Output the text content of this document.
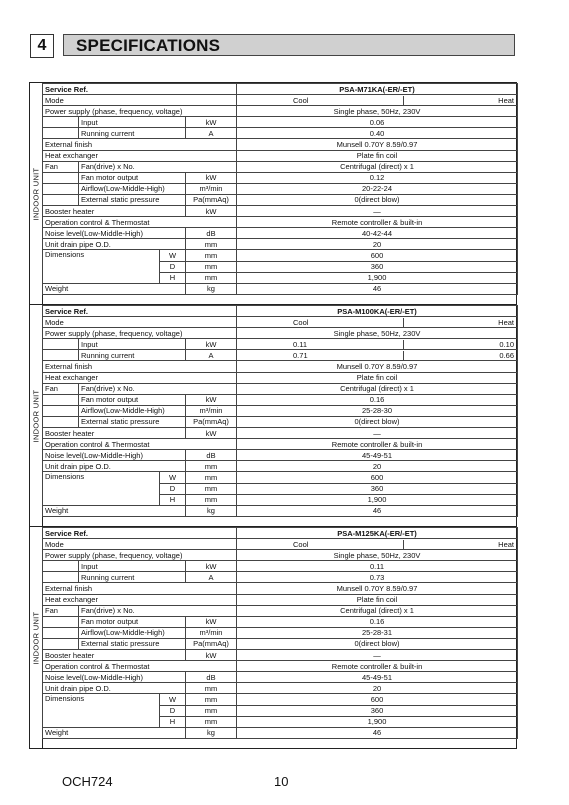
4	SPECIFICATIONS
INDOOR UNIT
Service Ref.				PSA-M71KA(-ER/-ET)
Mode				Cool Heat

Power supply (phase, frequency, voltage)				Single phase, 50Hz, 230V
	Input		kW	0.06
	Running current		A	0.40
External finish				Munsell 0.70Y 8.59/0.97
Heat exchanger				Plate fin coil
Fan	Fan(drive) x No.			Centrifugal (direct) x 1
	Fan motor output		kW	0.12
	Airflow(Low-Middle-High)		m³/min	20-22-24
	External static pressure		Pa(mmAq)	0(direct blow)
Booster heater			kW	—
Operation control & Thermostat				Remote controller & built-in
Noise level(Low-Middle-High)			dB	40-42-44
Unit drain pipe O.D.			mm	20
Dimensions		W	mm	600
		D	mm	360
		H	mm	1,900
Weight			kg	46
INDOOR UNIT
Service Ref.				PSA-M100KA(-ER/-ET)
Mode				Cool Heat

Power supply (phase, frequency, voltage)				Single phase, 50Hz, 230V
	Input		kW	0.11 0.10

	Running current		A	0.71 0.66

External finish				Munsell 0.70Y 8.59/0.97
Heat exchanger				Plate fin coil
Fan	Fan(drive) x No.			Centrifugal (direct) x 1
	Fan motor output		kW	0.16
	Airflow(Low-Middle-High)		m³/min	25-28-30
	External static pressure		Pa(mmAq)	0(direct blow)
Booster heater			kW	—
Operation control & Thermostat				Remote controller & built-in
Noise level(Low-Middle-High)			dB	45-49-51
Unit drain pipe O.D.			mm	20
Dimensions		W	mm	600
		D	mm	360
		H	mm	1,900
Weight			kg	46
INDOOR UNIT
Service Ref.				PSA-M125KA(-ER/-ET)
Mode				Cool Heat

Power supply (phase, frequency, voltage)				Single phase, 50Hz, 230V
	Input		kW	0.11
	Running current		A	0.73
External finish				Munsell 0.70Y 8.59/0.97
Heat exchanger				Plate fin coil
Fan	Fan(drive) x No.			Centrifugal (direct) x 1
	Fan motor output		kW	0.16
	Airflow(Low-Middle-High)		m³/min	25-28-31
	External static pressure		Pa(mmAq)	0(direct blow)
Booster heater			kW	—
Operation control & Thermostat				Remote controller & built-in
Noise level(Low-Middle-High)			dB	45-49-51
Unit drain pipe O.D.			mm	20
Dimensions		W	mm	600
		D	mm	360
		H	mm	1,900
Weight			kg	46
OCH724	10
